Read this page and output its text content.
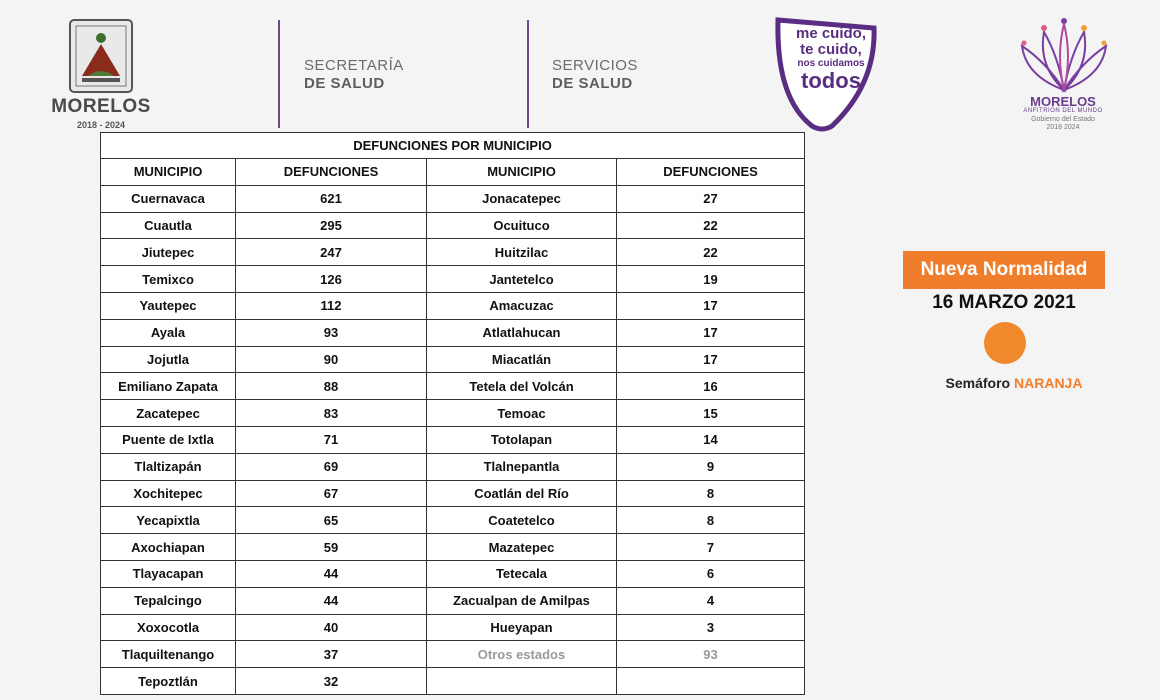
MORELOS
2018 - 2024
SECRETARÍA
DE SALUD
SERVICIOS
DE SALUD
me cuido,
te cuido,
nos cuidamos
todos
MORELOS
ANFITRIÓN DEL MUNDO
Gobierno del Estado
2018 2024
DEFUNCIONES POR MUNICIPIO			
MUNICIPIO	DEFUNCIONES	MUNICIPIO	DEFUNCIONES
Cuernavaca	621	Jonacatepec	27
Cuautla	295	Ocuituco	22
Jiutepec	247	Huitzilac	22
Temixco	126	Jantetelco	19
Yautepec	112	Amacuzac	17
Ayala	93	Atlatlahucan	17
Jojutla	90	Miacatlán	17
Emiliano Zapata	88	Tetela del Volcán	16
Zacatepec	83	Temoac	15
Puente de Ixtla	71	Totolapan	14
Tlaltizapán	69	Tlalnepantla	9
Xochitepec	67	Coatlán del Río	8
Yecapixtla	65	Coatetelco	8
Axochiapan	59	Mazatepec	7
Tlayacapan	44	Tetecala	6
Tepalcingo	44	Zacualpan de Amilpas	4
Xoxocotla	40	Hueyapan	3
Tlaquiltenango	37	Otros estados	93
Tepoztlán	32		
Nueva Normalidad
16 MARZO 2021
Semáforo NARANJA
